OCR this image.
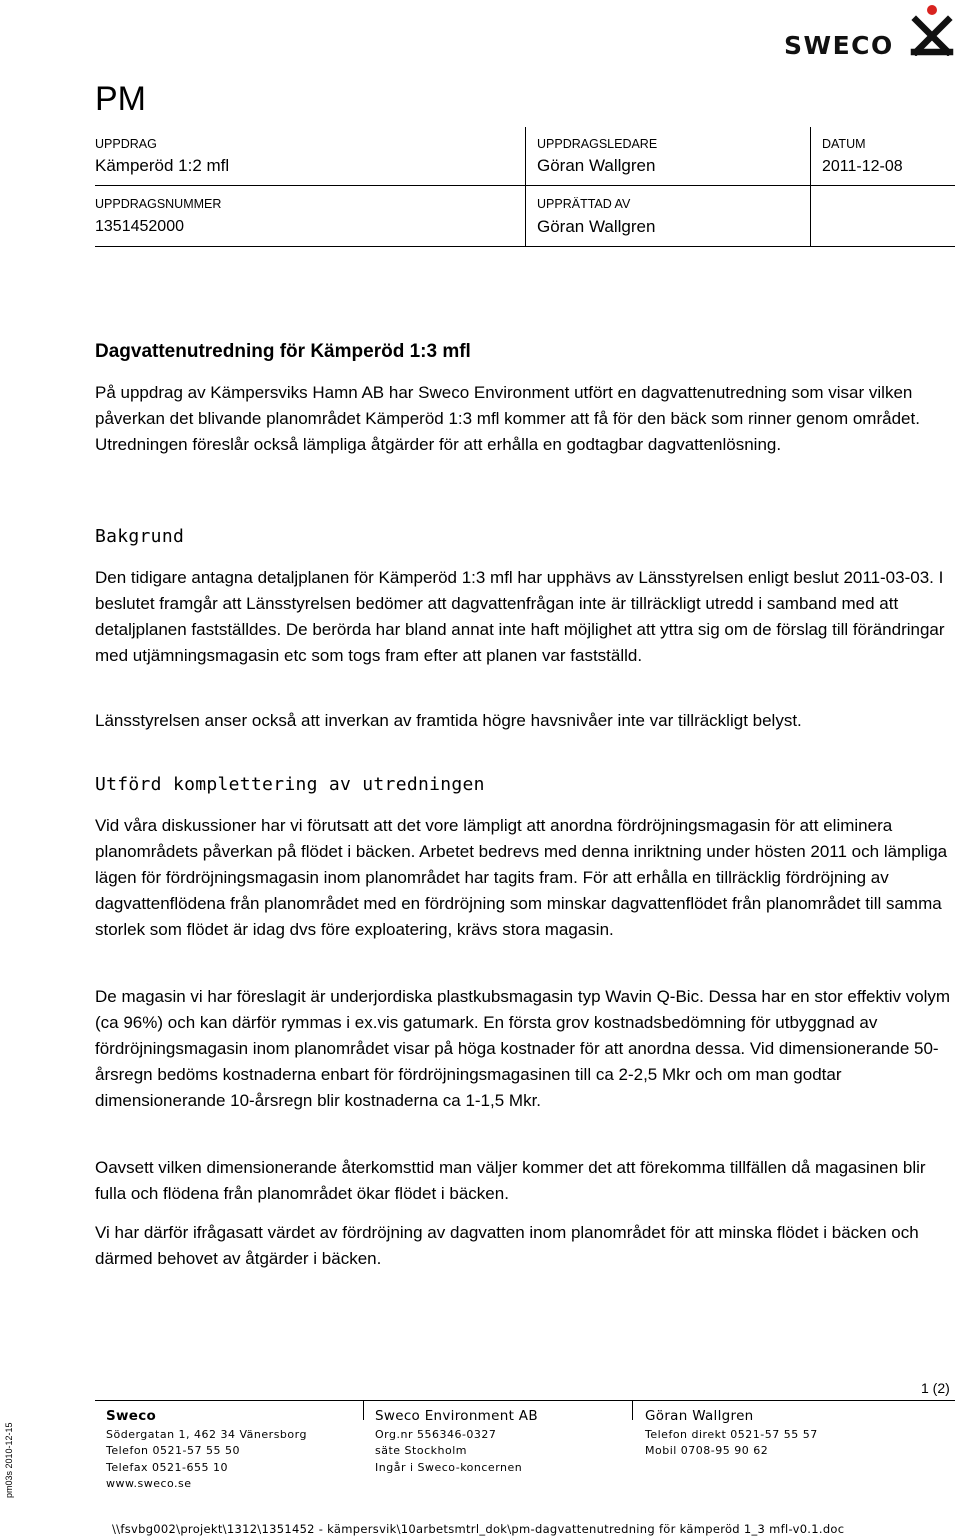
SWECO
PM
UPPDRAG
Kämperöd 1:2 mfl
UPPDRAGSLEDARE
Göran Wallgren
DATUM
2011-12-08
UPPDRAGSNUMMER
1351452000
UPPRÄTTAD AV
Göran Wallgren
Dagvattenutredning för Kämperöd 1:3 mfl

På uppdrag av Kämpersviks Hamn AB har Sweco Environment utfört en dagvattenutredning som visar vilken påverkan det blivande planområdet Kämperöd 1:3 mfl kommer att få för den bäck som rinner genom området. Utredningen föreslår också lämpliga åtgärder för att erhålla en godtagbar dagvattenlösning.

Bakgrund

Den tidigare antagna detaljplanen för Kämperöd 1:3 mfl har upphävs av Länsstyrelsen enligt beslut 2011-03-03. I beslutet framgår att Länsstyrelsen bedömer att dagvattenfrågan inte är tillräckligt utredd i samband med att detaljplanen fastställdes. De berörda har bland annat inte haft möjlighet att yttra sig om de förslag till förändringar med utjämningsmagasin etc som togs fram efter att planen var fastställd.

Länsstyrelsen anser också att inverkan av framtida högre havsnivåer inte var tillräckligt belyst.

Utförd komplettering av utredningen

Vid våra diskussioner har vi förutsatt att det vore lämpligt att anordna fördröjningsmagasin för att eliminera planområdets påverkan på flödet i bäcken. Arbetet bedrevs med denna inriktning under hösten 2011 och lämpliga lägen för fördröjningsmagasin inom planområdet har tagits fram. För att erhålla en tillräcklig fördröjning av dagvattenflödena från planområdet med en fördröjning som minskar dagvattenflödet från planområdet till samma storlek som flödet är idag dvs före exploatering, krävs stora magasin.

De magasin vi har föreslagit är underjordiska plastkubsmagasin typ Wavin Q-Bic. Dessa har en stor effektiv volym (ca 96%) och kan därför rymmas i ex.vis gatumark. En första grov kostnadsbedömning för utbyggnad av fördröjningsmagasin inom planområdet visar på höga kostnader för att anordna dessa. Vid dimensionerande 50-årsregn bedöms kostnaderna enbart för fördröjningsmagasinen till ca 2-2,5 Mkr och om man godtar dimensionerande 10-årsregn blir kostnaderna ca 1-1,5 Mkr.

Oavsett vilken dimensionerande återkomsttid man väljer kommer det att förekomma tillfällen då magasinen blir fulla och flödena från planområdet ökar flödet i bäcken.

Vi har därför ifrågasatt värdet av fördröjning av dagvatten inom planområdet för att minska flödet i bäcken och därmed behovet av åtgärder i bäcken.

1 (2)
pm03s 2010-12-15
Sweco
Södergatan 1, 462 34 Vänersborg
Telefon 0521-57 55 50
Telefax 0521-655 10
www.sweco.se
Sweco Environment AB
Org.nr 556346-0327
säte Stockholm
Ingår i Sweco-koncernen
Göran Wallgren
Telefon direkt 0521-57 55 57
Mobil 0708-95 90 62
\\fsvbg002\projekt\1312\1351452 - kämpersvik\10arbetsmtrl_dok\pm-dagvattenutredning för kämperöd 1_3 mfl-v0.1.doc
